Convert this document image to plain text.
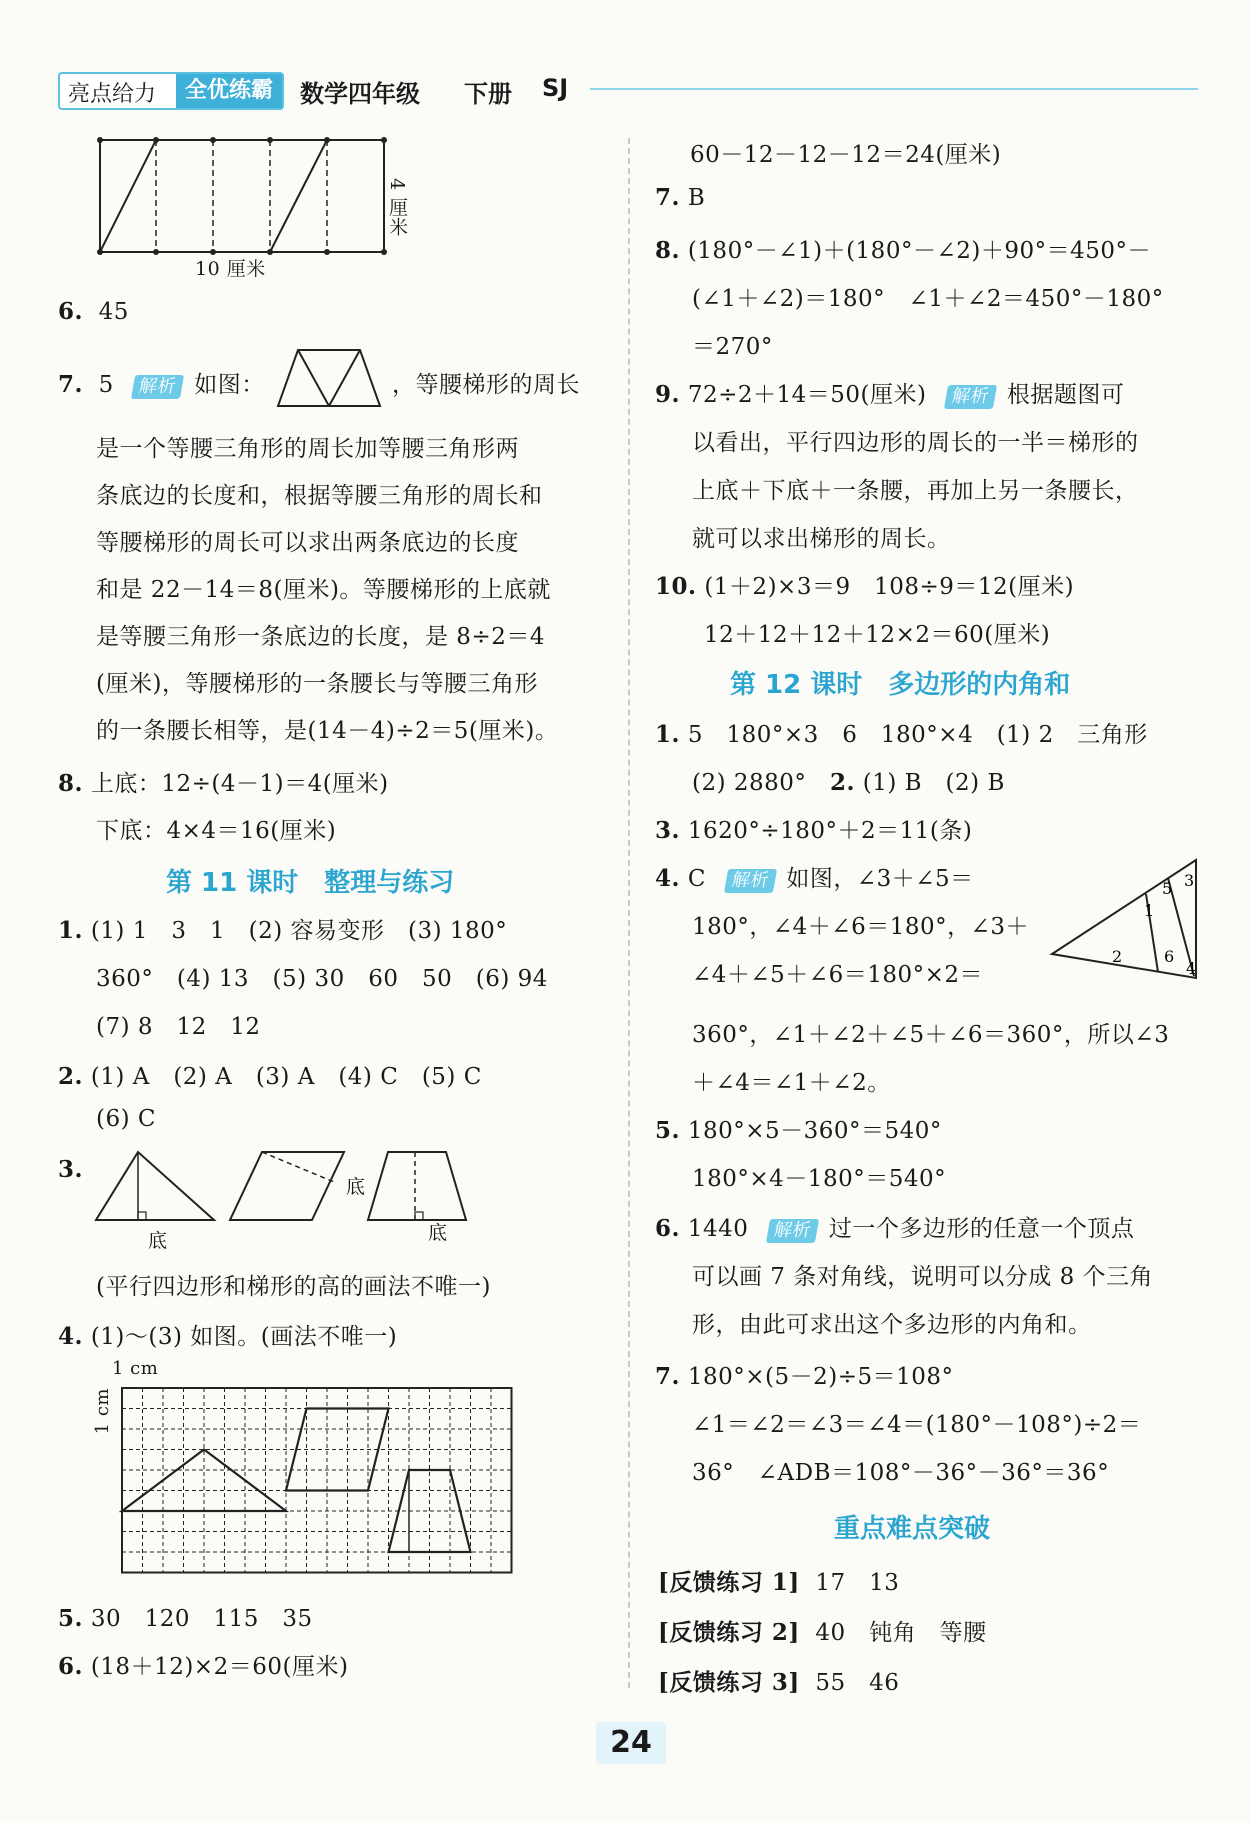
亮点给力	全优练霸	数学四年级 下册 SJ
10 厘米
4 厘米
6. 45
7. 5 解析 如图：	，等腰梯形的周长
是一个等腰三角形的周长加等腰三角形两
条底边的长度和，根据等腰三角形的周长和
等腰梯形的周长可以求出两条底边的长度
和是 22－14＝8(厘米)。等腰梯形的上底就
是等腰三角形一条底边的长度，是 8÷2＝4
(厘米)，等腰梯形的一条腰长与等腰三角形
的一条腰长相等，是(14－4)÷2＝5(厘米)。
8. 上底：12÷(4－1)＝4(厘米)
下底：4×4＝16(厘米)
第 11 课时　整理与练习
1. (1) 1　3　1　(2) 容易变形　(3) 180°
360°　(4) 13　(5) 30　60　50　(6) 94
(7) 8　12　12
2. (1) A　(2) A　(3) A　(4) C　(5) C
(6) C
3.
底
底
底
(平行四边形和梯形的高的画法不唯一)
4. (1)～(3) 如图。(画法不唯一)
1 cm
1 cm
5. 30　120　115　35
6. (18＋12)×2＝60(厘米)
60－12－12－12＝24(厘米)
7. B
8. (180°－∠1)＋(180°－∠2)＋90°＝450°－
(∠1＋∠2)＝180°　∠1＋∠2＝450°－180°
＝270°
9. 72÷2＋14＝50(厘米) 解析 根据题图可
以看出，平行四边形的周长的一半＝梯形的
上底＋下底＋一条腰，再加上另一条腰长，
就可以求出梯形的周长。
10. (1＋2)×3＝9　108÷9＝12(厘米)
12＋12＋12＋12×2＝60(厘米)
第 12 课时　多边形的内角和
1. 5　180°×3　6　180°×4　(1) 2　三角形
(2) 2880°　2. (1) B　(2) B
3. 1620°÷180°＋2＝11(条)
4. C 解析 如图，∠3＋∠5＝
180°，∠4＋∠6＝180°，∠3＋
∠4＋∠5＋∠6＝180°×2＝
1
2
3
4
5
6
360°，∠1＋∠2＋∠5＋∠6＝360°，所以∠3
＋∠4＝∠1＋∠2。
5. 180°×5－360°＝540°
180°×4－180°＝540°
6. 1440 解析 过一个多边形的任意一个顶点
可以画 7 条对角线，说明可以分成 8 个三角
形，由此可求出这个多边形的内角和。
7. 180°×(5－2)÷5＝108°
∠1＝∠2＝∠3＝∠4＝(180°－108°)÷2＝
36°　∠ADB＝108°－36°－36°＝36°
重点难点突破
[反馈练习 1] 17　13
[反馈练习 2] 40　钝角　等腰
[反馈练习 3] 55　46
24
